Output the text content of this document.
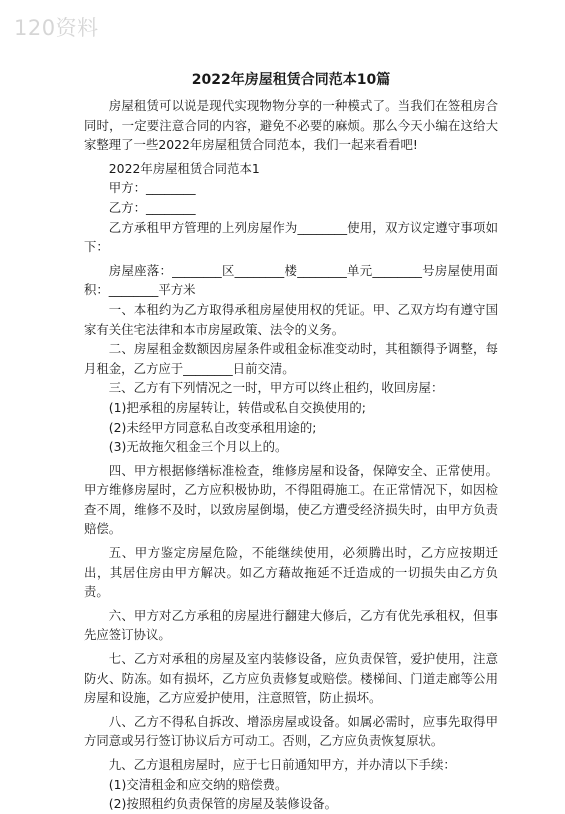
120资料
2022年房屋租赁合同范本10篇

房屋租赁可以说是现代实现物物分享的一种模式了。当我们在签租房合同时，一定要注意合同的内容，避免不必要的麻烦。那么今天小编在这给大家整理了一些2022年房屋租赁合同范本，我们一起来看看吧!

2022年房屋租赁合同范本1

甲方：________

乙方：________

乙方承租甲方管理的上列房屋作为________使用，双方议定遵守事项如下：

房屋座落：________区________楼________单元________号房屋使用面积：________平方米

一、本租约为乙方取得承租房屋使用权的凭证。甲、乙双方均有遵守国家有关住宅法律和本市房屋政策、法令的义务。

二、房屋租金数额因房屋条件或租金标准变动时，其租额得予调整，每月租金，乙方应于________日前交清。

三、乙方有下列情况之一时，甲方可以终止租约，收回房屋：

(1)把承租的房屋转让，转借或私自交换使用的;

(2)未经甲方同意私自改变承租用途的;

(3)无故拖欠租金三个月以上的。

四、甲方根据修缮标准检查，维修房屋和设备，保障安全、正常使用。甲方维修房屋时，乙方应积极协助，不得阻碍施工。在正常情况下，如因检查不周，维修不及时，以致房屋倒塌，使乙方遭受经济损失时，由甲方负责赔偿。

五、甲方鉴定房屋危险，不能继续使用，必须腾出时，乙方应按期迁出，其居住房由甲方解决。如乙方藉故拖延不迁造成的一切损失由乙方负责。

六、甲方对乙方承租的房屋进行翻建大修后，乙方有优先承租权，但事先应签订协议。

七、乙方对承租的房屋及室内装修设备，应负责保管，爱护使用，注意防火、防冻。如有损坏，乙方应负责修复或赔偿。楼梯间、门道走廊等公用房屋和设施，乙方应爱护使用，注意照管，防止损坏。

八、乙方不得私自拆改、增添房屋或设备。如属必需时，应事先取得甲方同意或另行签订协议后方可动工。否则，乙方应负责恢复原状。

九、乙方退租房屋时，应于七日前通知甲方，并办清以下手续：

(1)交清租金和应交纳的赔偿费。

(2)按照租约负责保管的房屋及装修设备。
